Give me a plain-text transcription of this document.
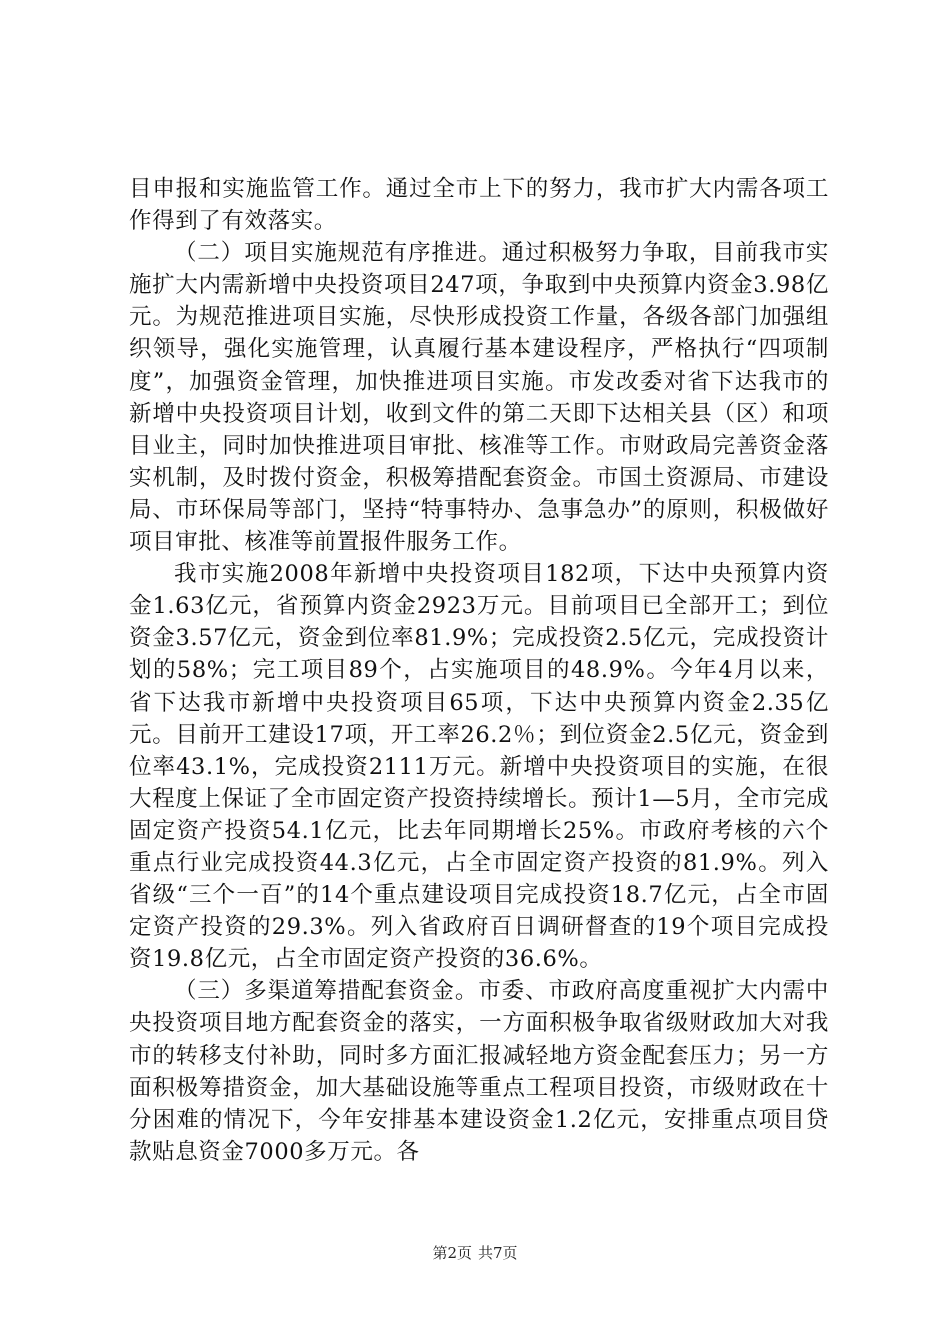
目申报和实施监管工作。通过全市上下的努力，我市扩大内需各项工作得到了有效落实。

（二）项目实施规范有序推进。通过积极努力争取，目前我市实施扩大内需新增中央投资项目247项，争取到中央预算内资金3.98亿元。为规范推进项目实施，尽快形成投资工作量，各级各部门加强组织领导，强化实施管理，认真履行基本建设程序，严格执行“四项制度”，加强资金管理，加快推进项目实施。市发改委对省下达我市的新增中央投资项目计划，收到文件的第二天即下达相关县（区）和项目业主，同时加快推进项目审批、核准等工作。市财政局完善资金落实机制，及时拨付资金，积极筹措配套资金。市国土资源局、市建设局、市环保局等部门，坚持“特事特办、急事急办”的原则，积极做好项目审批、核准等前置报件服务工作。

我市实施2008年新增中央投资项目182项，下达中央预算内资金1.63亿元，省预算内资金2923万元。目前项目已全部开工；到位资金3.57亿元，资金到位率81.9%；完成投资2.5亿元，完成投资计划的58%；完工项目89个，占实施项目的48.9%。今年4月以来，省下达我市新增中央投资项目65项，下达中央预算内资金2.35亿元。目前开工建设17项，开工率26.2％；到位资金2.5亿元，资金到位率43.1%，完成投资2111万元。新增中央投资项目的实施，在很大程度上保证了全市固定资产投资持续增长。预计1—5月，全市完成固定资产投资54.1亿元，比去年同期增长25%。市政府考核的六个重点行业完成投资44.3亿元，占全市固定资产投资的81.9%。列入省级“三个一百”的14个重点建设项目完成投资18.7亿元，占全市固定资产投资的29.3%。列入省政府百日调研督查的19个项目完成投资19.8亿元，占全市固定资产投资的36.6%。

（三）多渠道筹措配套资金。市委、市政府高度重视扩大内需中央投资项目地方配套资金的落实，一方面积极争取省级财政加大对我市的转移支付补助，同时多方面汇报减轻地方资金配套压力；另一方面积极筹措资金，加大基础设施等重点工程项目投资，市级财政在十分困难的情况下，今年安排基本建设资金1.2亿元，安排重点项目贷款贴息资金7000多万元。各

第2页 共7页
